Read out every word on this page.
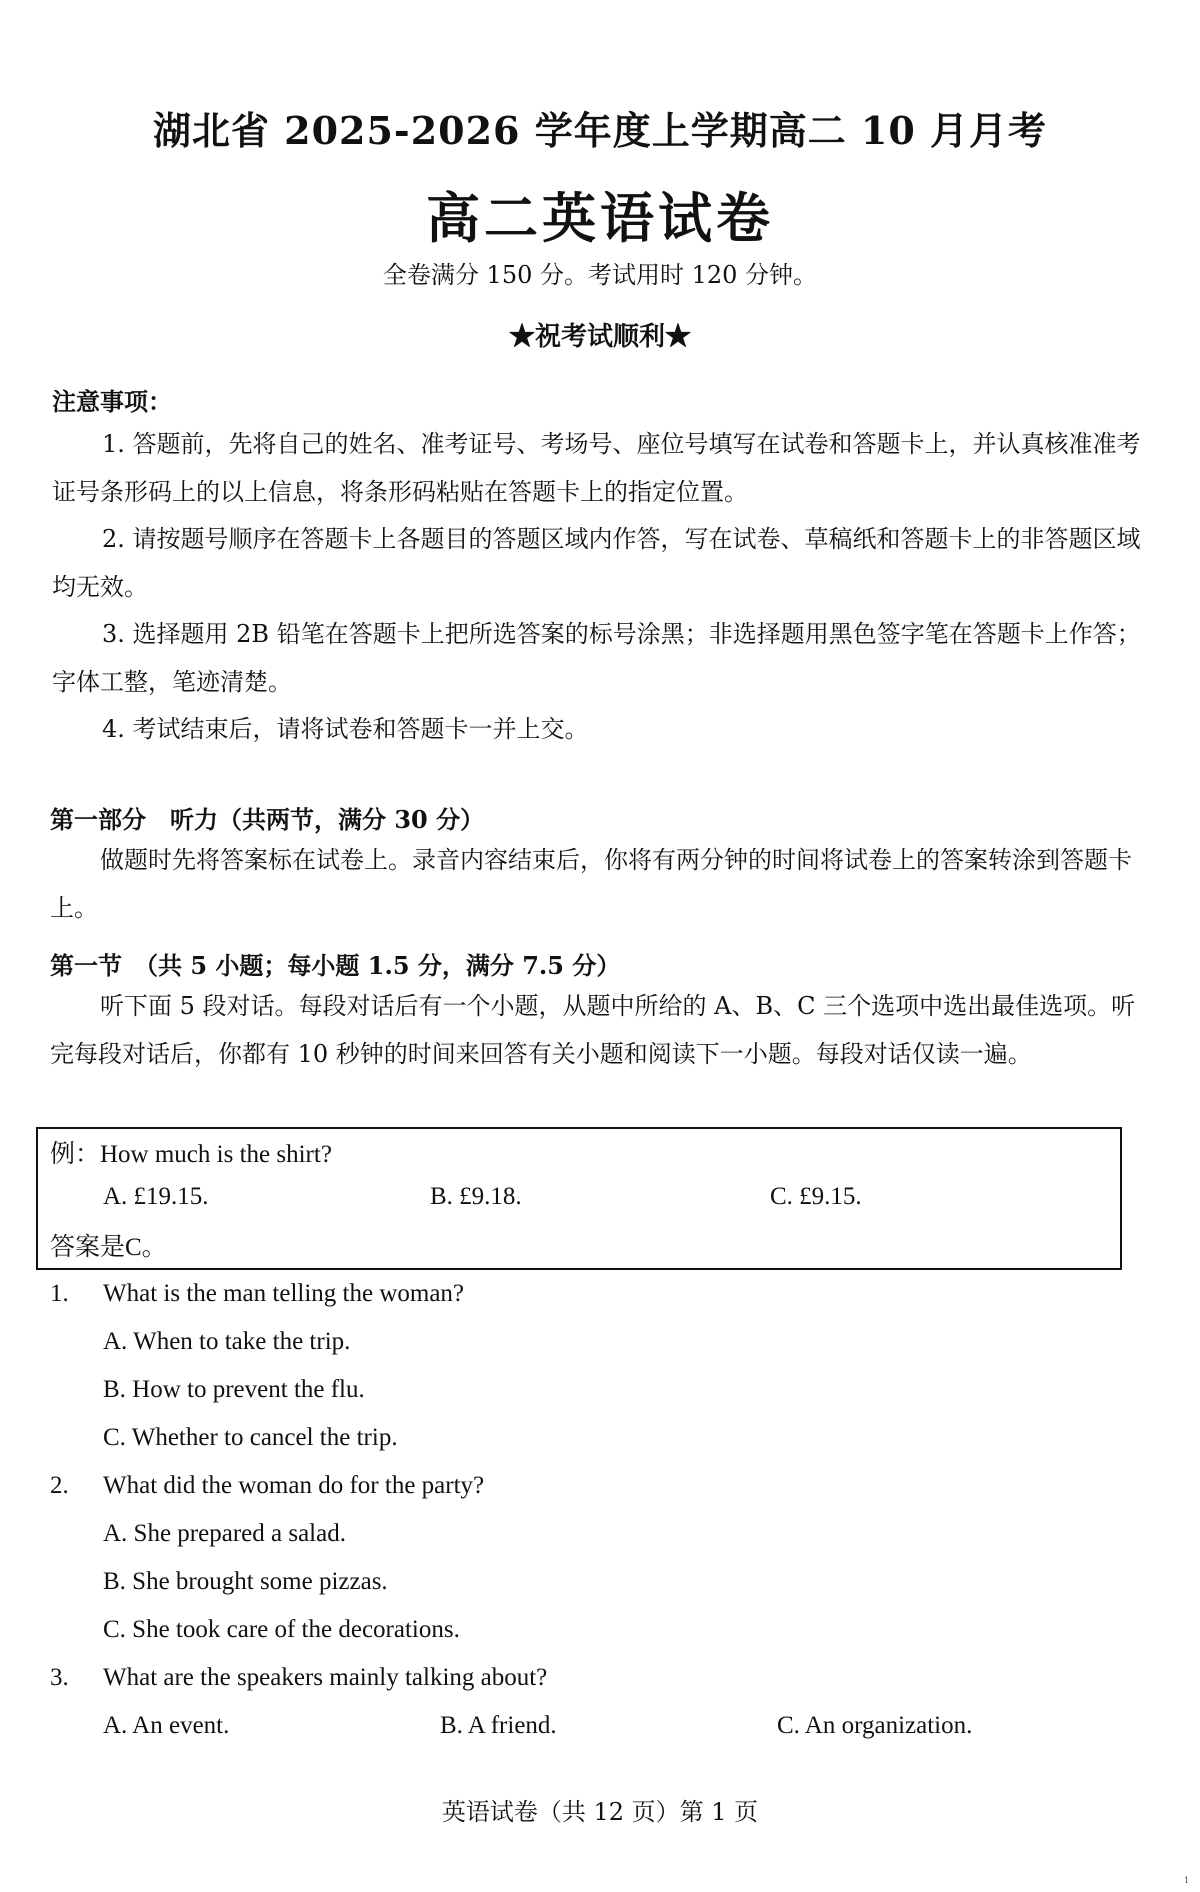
湖北省 2025-2026 学年度上学期高二 10 月月考
高二英语试卷
全卷满分 150 分。考试用时 120 分钟。
★祝考试顺利★
注意事项：
1. 答题前，先将自己的姓名、准考证号、考场号、座位号填写在试卷和答题卡上，并认真核准准考证号条形码上的以上信息，将条形码粘贴在答题卡上的指定位置。
2. 请按题号顺序在答题卡上各题目的答题区域内作答，写在试卷、草稿纸和答题卡上的非答题区域均无效。
3. 选择题用 2B 铅笔在答题卡上把所选答案的标号涂黑；非选择题用黑色签字笔在答题卡上作答；字体工整，笔迹清楚。
4. 考试结束后，请将试卷和答题卡一并上交。
第一部分　听力（共两节，满分 30 分）
做题时先将答案标在试卷上。录音内容结束后，你将有两分钟的时间将试卷上的答案转涂到答题卡上。
第一节　（共 5 小题；每小题 1.5 分，满分 7.5 分）
听下面 5 段对话。每段对话后有一个小题，从题中所给的 A、B、C 三个选项中选出最佳选项。听完每段对话后，你都有 10 秒钟的时间来回答有关小题和阅读下一小题。每段对话仅读一遍。
例：How much is the shirt?
A. £19.15.	B. £9.18.	C. £9.15.
答案是C。
1. What is the man telling the woman?
A. When to take the trip.
B. How to prevent the flu.
C. Whether to cancel the trip.
2. What did the woman do for the party?
A. She prepared a salad.
B. She brought some pizzas.
C. She took care of the decorations.
3. What are the speakers mainly talking about?
A. An event.	B. A friend.	C. An organization.
英语试卷（共 12 页）第 1 页
1
